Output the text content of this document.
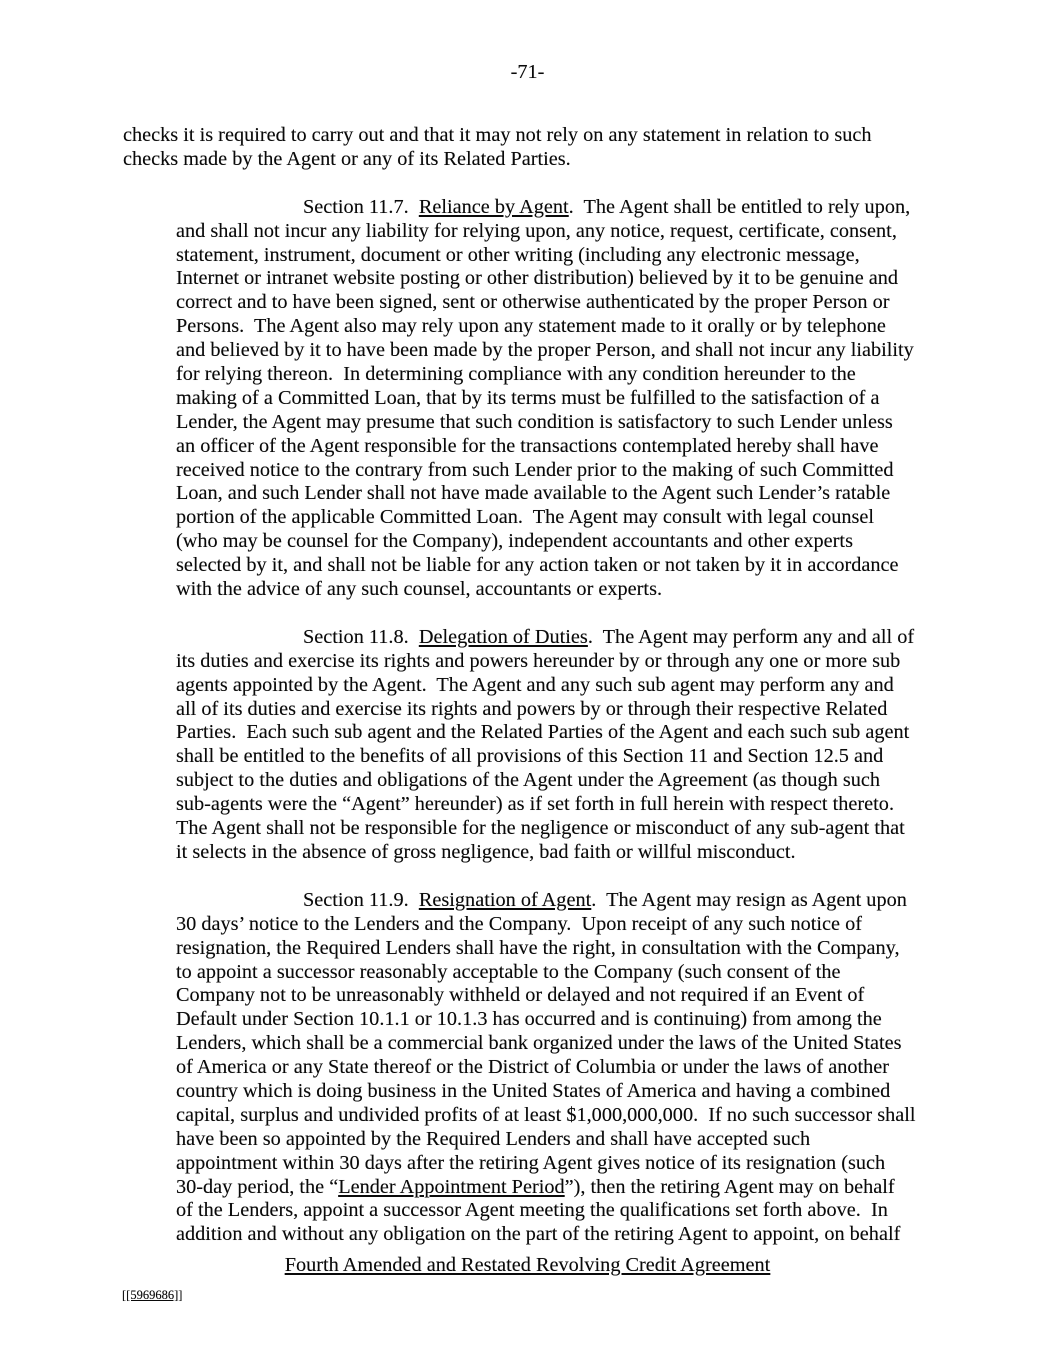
-71-
checks it is required to carry out and that it may not rely on any statement in relation to such
checks made by the Agent or any of its Related Parties.
Section 11.7.  Reliance by Agent.  The Agent shall be entitled to rely upon,
and shall not incur any liability for relying upon, any notice, request, certificate, consent,
statement, instrument, document or other writing (including any electronic message,
Internet or intranet website posting or other distribution) believed by it to be genuine and
correct and to have been signed, sent or otherwise authenticated by the proper Person or
Persons.  The Agent also may rely upon any statement made to it orally or by telephone
and believed by it to have been made by the proper Person, and shall not incur any liability
for relying thereon.  In determining compliance with any condition hereunder to the
making of a Committed Loan, that by its terms must be fulfilled to the satisfaction of a
Lender, the Agent may presume that such condition is satisfactory to such Lender unless
an officer of the Agent responsible for the transactions contemplated hereby shall have
received notice to the contrary from such Lender prior to the making of such Committed
Loan, and such Lender shall not have made available to the Agent such Lender’s ratable
portion of the applicable Committed Loan.  The Agent may consult with legal counsel
(who may be counsel for the Company), independent accountants and other experts
selected by it, and shall not be liable for any action taken or not taken by it in accordance
with the advice of any such counsel, accountants or experts.
Section 11.8.  Delegation of Duties.  The Agent may perform any and all of
its duties and exercise its rights and powers hereunder by or through any one or more sub
agents appointed by the Agent.  The Agent and any such sub agent may perform any and
all of its duties and exercise its rights and powers by or through their respective Related
Parties.  Each such sub agent and the Related Parties of the Agent and each such sub agent
shall be entitled to the benefits of all provisions of this Section 11 and Section 12.5 and
subject to the duties and obligations of the Agent under the Agreement (as though such
sub-agents were the “Agent” hereunder) as if set forth in full herein with respect thereto.
The Agent shall not be responsible for the negligence or misconduct of any sub-agent that
it selects in the absence of gross negligence, bad faith or willful misconduct.
Section 11.9.  Resignation of Agent.  The Agent may resign as Agent upon
30 days’ notice to the Lenders and the Company.  Upon receipt of any such notice of
resignation, the Required Lenders shall have the right, in consultation with the Company,
to appoint a successor reasonably acceptable to the Company (such consent of the
Company not to be unreasonably withheld or delayed and not required if an Event of
Default under Section 10.1.1 or 10.1.3 has occurred and is continuing) from among the
Lenders, which shall be a commercial bank organized under the laws of the United States
of America or any State thereof or the District of Columbia or under the laws of another
country which is doing business in the United States of America and having a combined
capital, surplus and undivided profits of at least $1,000,000,000.  If no such successor shall
have been so appointed by the Required Lenders and shall have accepted such
appointment within 30 days after the retiring Agent gives notice of its resignation (such
30-day period, the “Lender Appointment Period”), then the retiring Agent may on behalf
of the Lenders, appoint a successor Agent meeting the qualifications set forth above.  In
addition and without any obligation on the part of the retiring Agent to appoint, on behalf
Fourth Amended and Restated Revolving Credit Agreement
[[5969686]]
